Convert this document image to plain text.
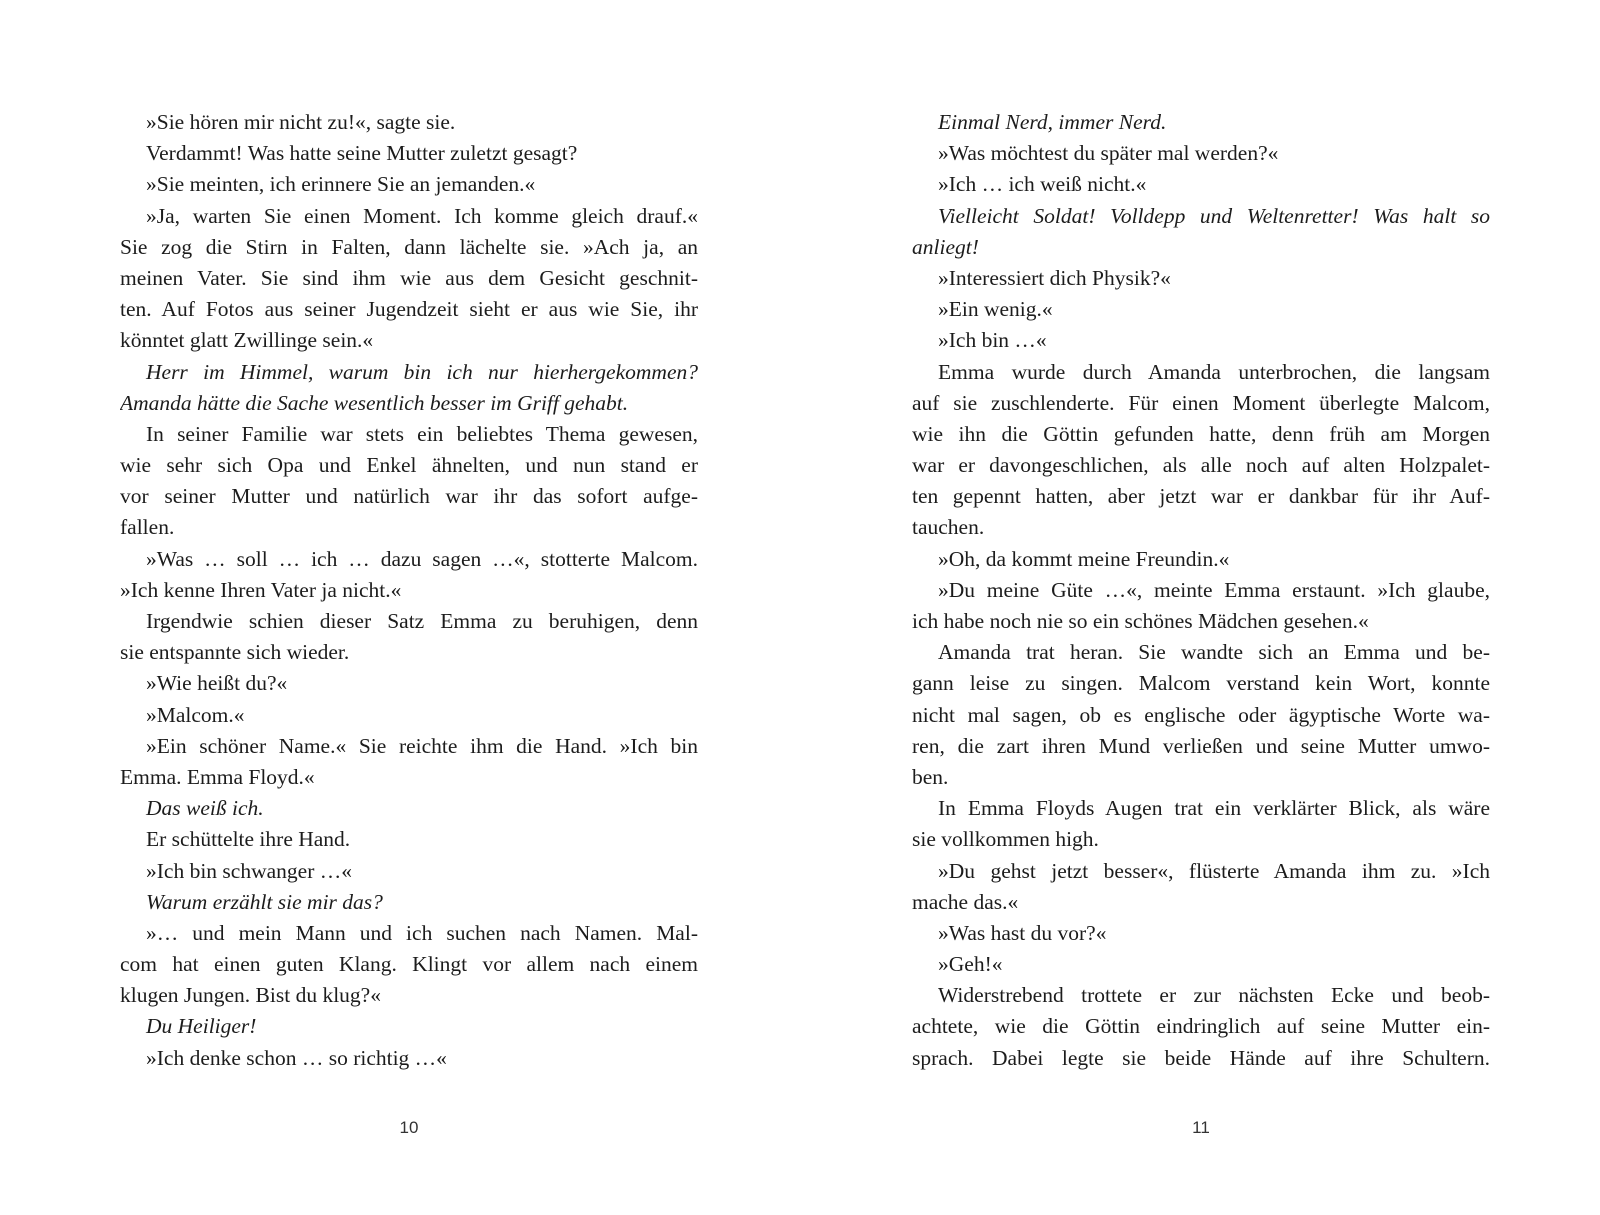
»Sie hören mir nicht zu!«, sagte sie.
Verdammt! Was hatte seine Mutter zuletzt gesagt?
»Sie meinten, ich erinnere Sie an jemanden.«
»Ja, warten Sie einen Moment. Ich komme gleich drauf.«
Sie zog die Stirn in Falten, dann lächelte sie. »Ach ja, an
meinen Vater. Sie sind ihm wie aus dem Gesicht geschnit-
ten. Auf Fotos aus seiner Jugendzeit sieht er aus wie Sie, ihr
könntet glatt Zwillinge sein.«
Herr im Himmel, warum bin ich nur hierhergekommen?
Amanda hätte die Sache wesentlich besser im Griff gehabt.
In seiner Familie war stets ein beliebtes Thema gewesen,
wie sehr sich Opa und Enkel ähnelten, und nun stand er
vor seiner Mutter und natürlich war ihr das sofort aufge-
fallen.
»Was … soll … ich … dazu sagen …«, stotterte Malcom.
»Ich kenne Ihren Vater ja nicht.«
Irgendwie schien dieser Satz Emma zu beruhigen, denn
sie entspannte sich wieder.
»Wie heißt du?«
»Malcom.«
»Ein schöner Name.« Sie reichte ihm die Hand. »Ich bin
Emma. Emma Floyd.«
Das weiß ich.
Er schüttelte ihre Hand.
»Ich bin schwanger …«
Warum erzählt sie mir das?
»… und mein Mann und ich suchen nach Namen. Mal-
com hat einen guten Klang. Klingt vor allem nach einem
klugen Jungen. Bist du klug?«
Du Heiliger!
»Ich denke schon … so richtig …«
Einmal Nerd, immer Nerd.
»Was möchtest du später mal werden?«
»Ich … ich weiß nicht.«
Vielleicht Soldat! Volldepp und Weltenretter! Was halt so
anliegt!
»Interessiert dich Physik?«
»Ein wenig.«
»Ich bin …«
Emma wurde durch Amanda unterbrochen, die langsam
auf sie zuschlenderte. Für einen Moment überlegte Malcom,
wie ihn die Göttin gefunden hatte, denn früh am Morgen
war er davongeschlichen, als alle noch auf alten Holzpalet-
ten gepennt hatten, aber jetzt war er dankbar für ihr Auf-
tauchen.
»Oh, da kommt meine Freundin.«
»Du meine Güte …«, meinte Emma erstaunt. »Ich glaube,
ich habe noch nie so ein schönes Mädchen gesehen.«
Amanda trat heran. Sie wandte sich an Emma und be-
gann leise zu singen. Malcom verstand kein Wort, konnte
nicht mal sagen, ob es englische oder ägyptische Worte wa-
ren, die zart ihren Mund verließen und seine Mutter umwo-
ben.
In Emma Floyds Augen trat ein verklärter Blick, als wäre
sie vollkommen high.
»Du gehst jetzt besser«, flüsterte Amanda ihm zu. »Ich
mache das.«
»Was hast du vor?«
»Geh!«
Widerstrebend trottete er zur nächsten Ecke und beob-
achtete, wie die Göttin eindringlich auf seine Mutter ein-
sprach. Dabei legte sie beide Hände auf ihre Schultern.
10	11
